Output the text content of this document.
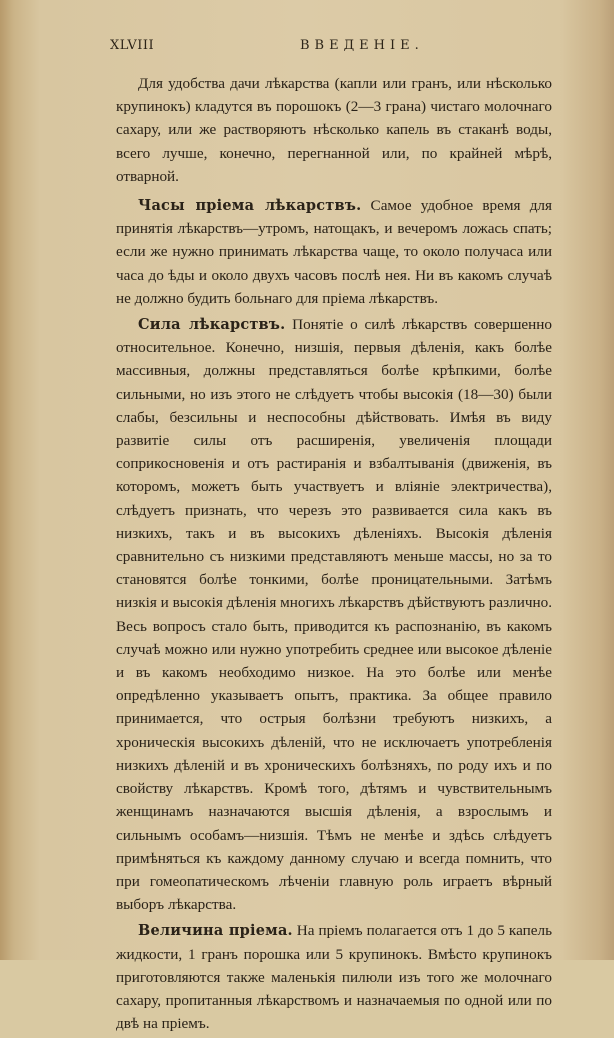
XLVIII	ВВЕДЕНІЕ.

Для удобства дачи лѣкарства (капли или гранъ, или нѣсколько крупинокъ) кладутся въ порошокъ (2—3 грана) чистаго молочнаго сахару, или же растворяютъ нѣсколько капель въ стаканѣ воды, всего лучше, конечно, перегнанной или, по крайней мѣрѣ, отварной.

Часы пріема лѣкарствъ. Самое удобное время для принятія лѣкарствъ—утромъ, натощакъ, и вечеромъ ложась спать; если же нужно принимать лѣкарства чаще, то около получаса или часа до ѣды и около двухъ часовъ послѣ нея. Ни въ какомъ случаѣ не должно будить больнаго для пріема лѣкарствъ.

Сила лѣкарствъ. Понятіе о силѣ лѣкарствъ совершенно относительное. Конечно, низшія, первыя дѣленія, какъ болѣе массивныя, должны представляться болѣе крѣпкими, болѣе сильными, но изъ этого не слѣдуетъ чтобы высокія (18—30) были слабы, безсильны и неспособны дѣйствовать. Имѣя въ виду развитіе силы отъ расширенія, увеличенія площади соприкосновенія и отъ растиранія и взбалтыванія (движенія, въ которомъ, можетъ быть участвуетъ и вліяніе электричества), слѣдуетъ признать, что черезъ это развивается сила какъ въ низкихъ, такъ и въ высокихъ дѣленіяхъ. Высокія дѣленія сравнительно съ низкими представляютъ меньше массы, но за то становятся болѣе тонкими, болѣе проницательными. Затѣмъ низкія и высокія дѣленія многихъ лѣкарствъ дѣйствуютъ различно. Весь вопросъ стало быть, приводится къ распознанію, въ какомъ случаѣ можно или нужно употребить среднее или высокое дѣленіе и въ какомъ необходимо низкое. На это болѣе или менѣе опредѣленно указываетъ опытъ, практика. За общее правило принимается, что острыя болѣзни требуютъ низкихъ, а хроническія высокихъ дѣленій, что не исключаетъ употребленія низкихъ дѣленій и въ хроническихъ болѣзняхъ, по роду ихъ и по свойству лѣкарствъ. Кромѣ того, дѣтямъ и чувствительнымъ женщинамъ назначаются высшія дѣленія, а взрослымъ и сильнымъ особамъ—низшія. Тѣмъ не менѣе и здѣсь слѣдуетъ примѣняться къ каждому данному случаю и всегда помнить, что при гомеопатическомъ лѣченіи главную роль играетъ вѣрный выборъ лѣкарства.

Величина пріема. На пріемъ полагается отъ 1 до 5 капель жидкости, 1 гранъ порошка или 5 крупинокъ. Вмѣсто крупинокъ приготовляются также маленькія пилюли изъ того же молочнаго сахару, пропитанныя лѣкарствомъ и назначаемыя по одной или по двѣ на пріемъ.
